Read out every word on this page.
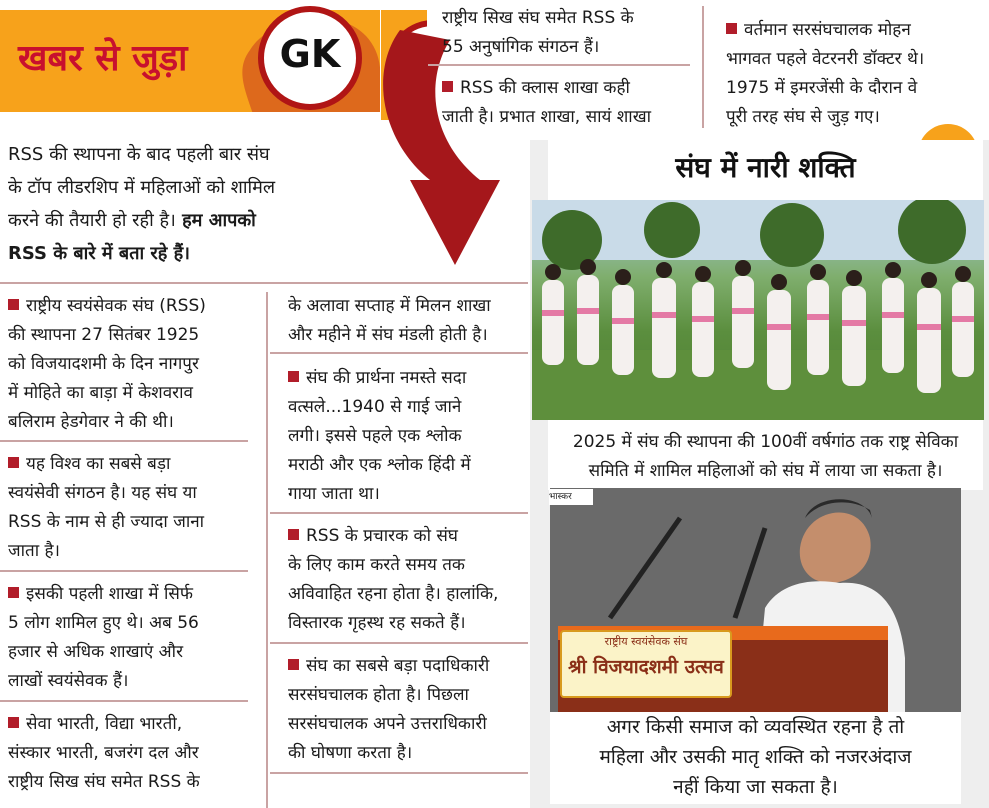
खबर से जुड़ा	GK
RSS की स्थापना के बाद पहली बार संघ
के टॉप लीडरशिप में महिलाओं को शामिल
करने की तैयारी हो रही है। हम आपको
RSS के बारे में बता रहे हैं।
राष्ट्रीय स्वयंसेवक संघ (RSS)
की स्थापना 27 सितंबर 1925
को विजयादशमी के दिन नागपुर
में मोहिते का बाड़ा में केशवराव
बलिराम हेडगेवार ने की थी।
यह विश्व का सबसे बड़ा
स्वयंसेवी संगठन है। यह संघ या
RSS के नाम से ही ज्यादा जाना
जाता है।
इसकी पहली शाखा में सिर्फ
5 लोग शामिल हुए थे। अब 56
हजार से अधिक शाखाएं और
लाखों स्वयंसेवक हैं।
सेवा भारती, विद्या भारती,
संस्कार भारती, बजरंग दल और
राष्ट्रीय सिख संघ समेत RSS के
के अलावा सप्ताह में मिलन शाखा
और महीने में संघ मंडली होती है।
संघ की प्रार्थना नमस्ते सदा
वत्सले...1940 से गाई जाने
लगी। इससे पहले एक श्लोक
मराठी और एक श्लोक हिंदी में
गाया जाता था।
RSS के प्रचारक को संघ
के लिए काम करते समय तक
अविवाहित रहना होता है। हालांकि,
विस्तारक गृहस्थ रह सकते हैं।
संघ का सबसे बड़ा पदाधिकारी
सरसंघचालक होता है। पिछला
सरसंघचालक अपने उत्तराधिकारी
की घोषणा करता है।
राष्ट्रीय सिख संघ समेत RSS के
55 अनुषांगिक संगठन हैं।
RSS की क्लास शाखा कही
जाती है। प्रभात शाखा, सायं शाखा
वर्तमान सरसंघचालक मोहन
भागवत पहले वेटरनरी डॉक्टर थे।
1975 में इमरजेंसी के दौरान वे
पूरी तरह संघ से जुड़ गए।
संघ में नारी शक्ति
2025 में संघ की स्थापना की 100वीं वर्षगांठ तक राष्ट्र सेविका
समिति में शामिल महिलाओं को संघ में लाया जा सकता है।
राष्ट्रीय स्वयंसेवक संघ
श्री विजयादशमी उत्सव
भास्कर
अगर किसी समाज को व्यवस्थित रहना है तो
महिला और उसकी मातृ शक्ति को नजरअंदाज
नहीं किया जा सकता है।
